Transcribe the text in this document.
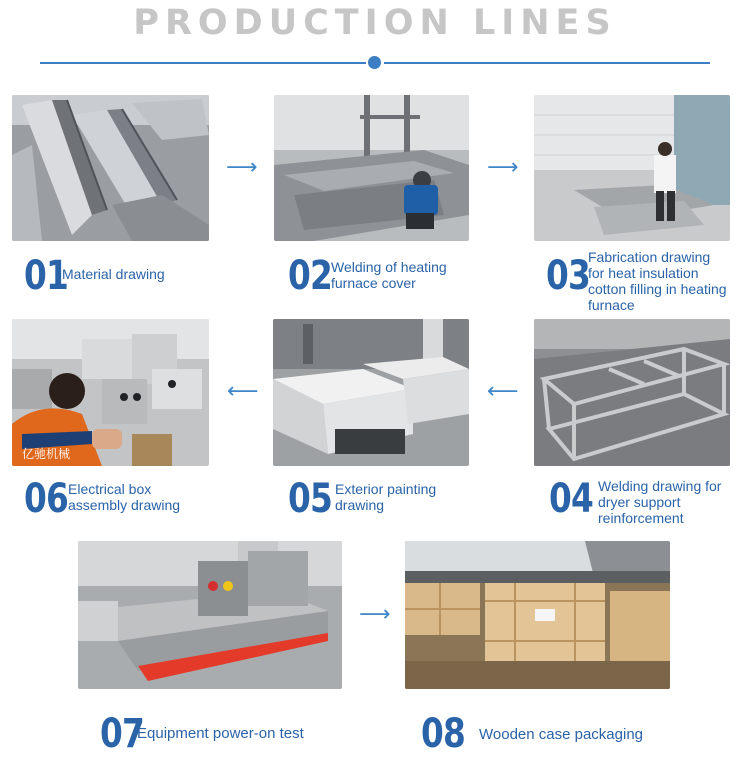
PRODUCTION LINES
⟶	⟶
01
Material drawing	02
Welding of heating furnace cover	03
Fabrication drawing for heat insulation cotton filling in heating furnace
亿驰机械
⟵	⟵
06 Electrical box assembly drawing	05 Exterior painting drawing	04 Welding drawing for dryer support reinforcement
⟶
07
Equipment power-on test	08 Wooden case packaging
